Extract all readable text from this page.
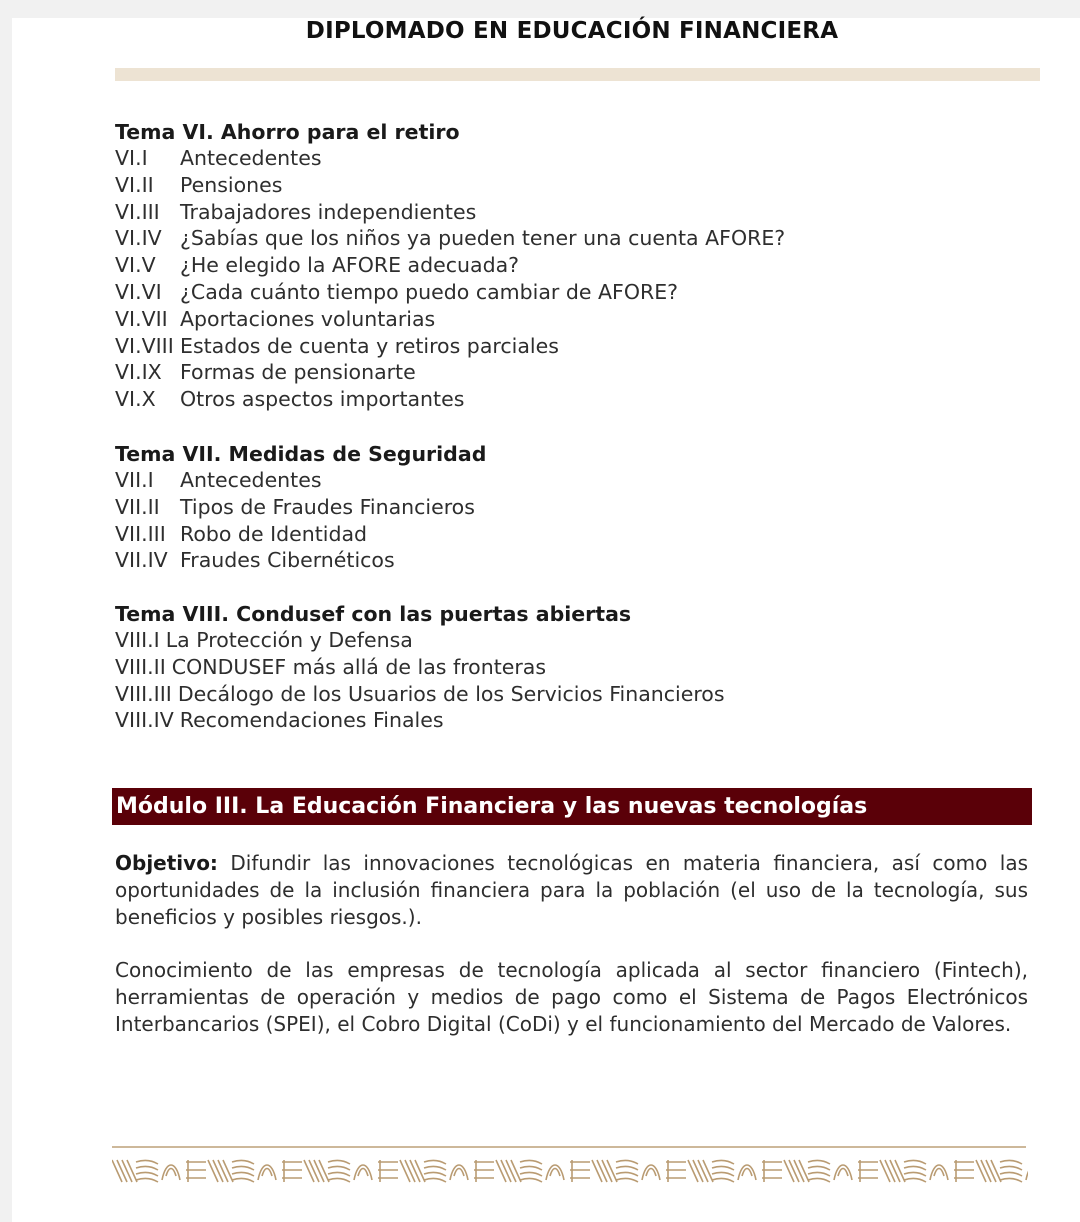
DIPLOMADO EN EDUCACIÓN FINANCIERA
Tema VI. Ahorro para el retiro
VI.I Antecedentes
VI.II Pensiones
VI.III Trabajadores independientes
VI.IV ¿Sabías que los niños ya pueden tener una cuenta AFORE?
VI.V ¿He elegido la AFORE adecuada?
VI.VI ¿Cada cuánto tiempo puedo cambiar de AFORE?
VI.VII Aportaciones voluntarias
VI.VIII Estados de cuenta y retiros parciales
VI.IX Formas de pensionarte
VI.X Otros aspectos importantes
Tema VII. Medidas de Seguridad
VII.I Antecedentes
VII.II Tipos de Fraudes Financieros
VII.III Robo de Identidad
VII.IV Fraudes Cibernéticos
Tema VIII. Condusef con las puertas abiertas
VIII.I La Protección y Defensa
VIII.II CONDUSEF más allá de las fronteras
VIII.III Decálogo de los Usuarios de los Servicios Financieros
VIII.IV Recomendaciones Finales
Módulo III. La Educación Financiera y las nuevas tecnologías
Objetivo: Difundir las innovaciones tecnológicas en materia financiera, así como las oportunidades de la inclusión financiera para la población (el uso de la tecnología, sus beneficios y posibles riesgos.).
Conocimiento de las empresas de tecnología aplicada al sector financiero (Fintech), herramientas de operación y medios de pago como el Sistema de Pagos Electrónicos Interbancarios (SPEI), el Cobro Digital (CoDi) y el funcionamiento del Mercado de Valores.
